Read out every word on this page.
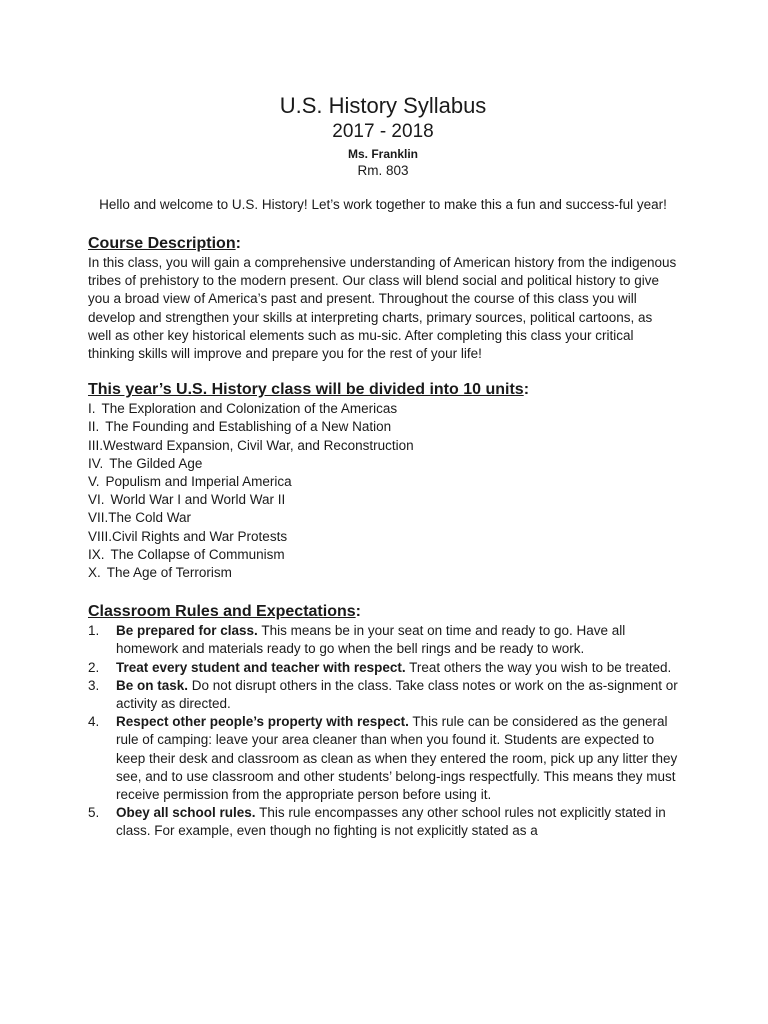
U.S. History Syllabus
2017 - 2018
Ms. Franklin
Rm. 803
Hello and welcome to U.S. History! Let’s work together to make this a fun and success-ful year!
Course Description:
In this class, you will gain a comprehensive understanding of American history from the indigenous tribes of prehistory to the modern present. Our class will blend social and political history to give you a broad view of America’s past and present. Throughout the course of this class you will develop and strengthen your skills at interpreting charts, primary sources, political cartoons, as well as other key historical elements such as mu-sic. After completing this class your critical thinking skills will improve and prepare you for the rest of your life!
This year’s U.S. History class will be divided into 10 units:
I. The Exploration and Colonization of the Americas
II. The Founding and Establishing of a New Nation
III. Westward Expansion, Civil War, and Reconstruction
IV. The Gilded Age
V. Populism and Imperial America
VI. World War I and World War II
VII. The Cold War
VIII. Civil Rights and War Protests
IX. The Collapse of Communism
X. The Age of Terrorism
Classroom Rules and Expectations:
1.	Be prepared for class. This means be in your seat on time and ready to go. Have all homework and materials ready to go when the bell rings and be ready to work.
2.	Treat every student and teacher with respect. Treat others the way you wish to be treated.
3.	Be on task. Do not disrupt others in the class. Take class notes or work on the as-signment or activity as directed.
4.	Respect other people’s property with respect. This rule can be considered as the general rule of camping: leave your area cleaner than when you found it. Students are expected to keep their desk and classroom as clean as when they entered the room, pick up any litter they see, and to use classroom and other students’ belong-ings respectfully. This means they must receive permission from the appropriate person before using it.
5.	Obey all school rules. This rule encompasses any other school rules not explicitly stated in class. For example, even though no fighting is not explicitly stated as a
